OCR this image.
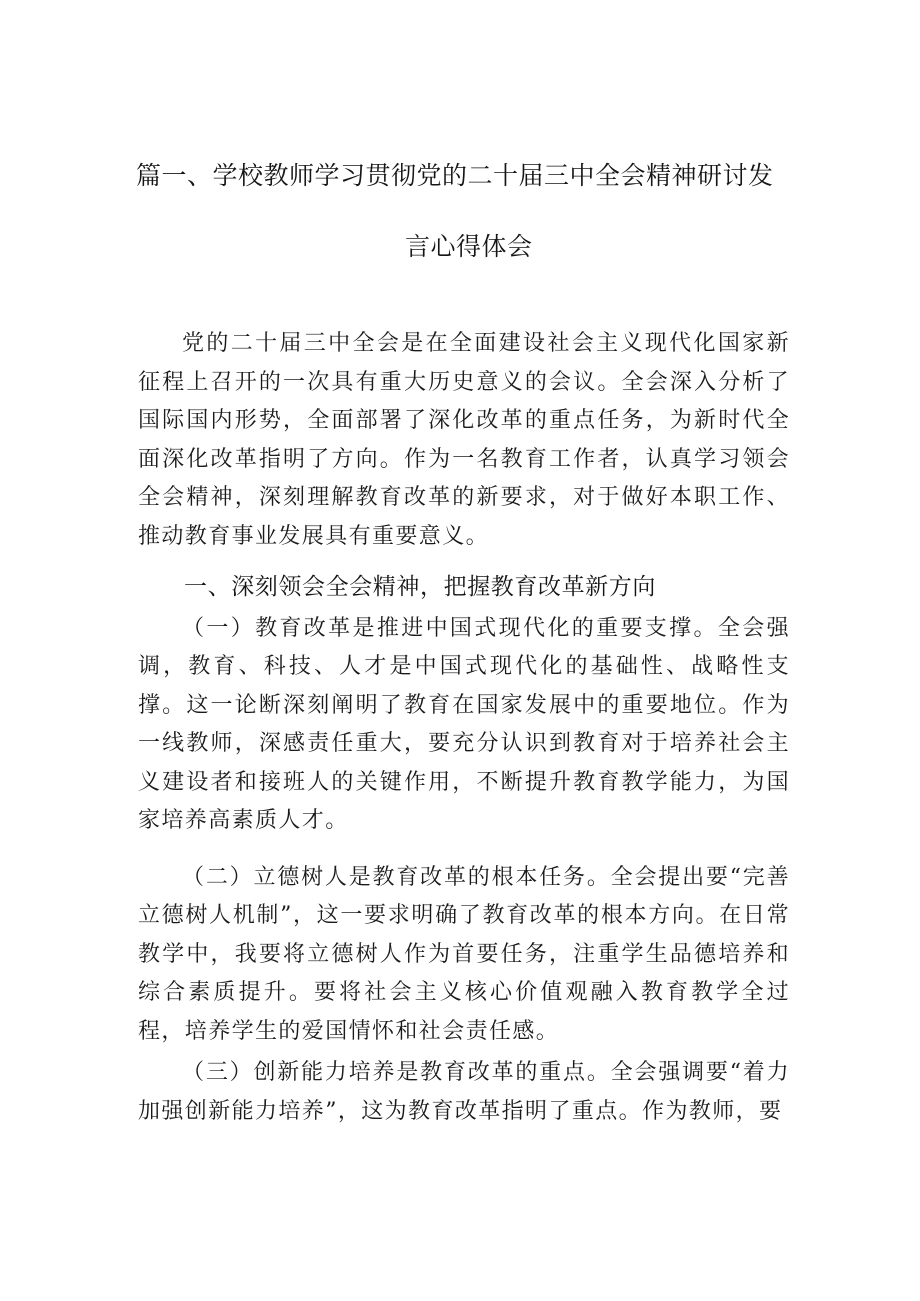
篇一、学校教师学习贯彻党的二十届三中全会精神研讨发
言心得体会

党的二十届三中全会是在全面建设社会主义现代化国家新征程上召开的一次具有重大历史意义的会议。全会深入分析了国际国内形势，全面部署了深化改革的重点任务，为新时代全面深化改革指明了方向。作为一名教育工作者，认真学习领会全会精神，深刻理解教育改革的新要求，对于做好本职工作、推动教育事业发展具有重要意义。

一、深刻领会全会精神，把握教育改革新方向

（一）教育改革是推进中国式现代化的重要支撑。全会强调，教育、科技、人才是中国式现代化的基础性、战略性支撑。这一论断深刻阐明了教育在国家发展中的重要地位。作为一线教师，深感责任重大，要充分认识到教育对于培养社会主义建设者和接班人的关键作用，不断提升教育教学能力，为国家培养高素质人才。

（二）立德树人是教育改革的根本任务。全会提出要“完善立德树人机制”，这一要求明确了教育改革的根本方向。在日常教学中，我要将立德树人作为首要任务，注重学生品德培养和综合素质提升。要将社会主义核心价值观融入教育教学全过程，培养学生的爱国情怀和社会责任感。

（三）创新能力培养是教育改革的重点。全会强调要“着力加强创新能力培养”，这为教育改革指明了重点。作为教师，要
